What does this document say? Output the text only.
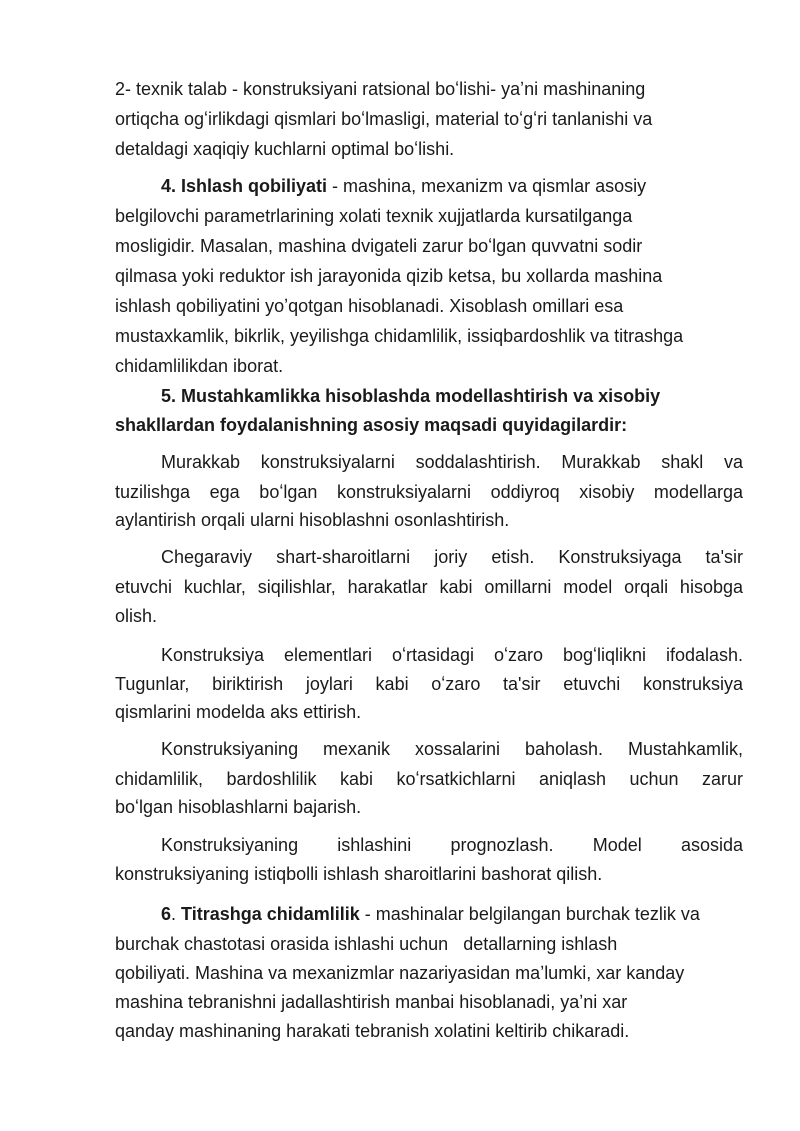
2- texnik talab - konstruksiyani ratsional boʻlishi- yaʼni mashinaning
ortiqcha ogʻirlikdagi qismlari boʻlmasligi, material toʻgʻri tanlanishi va
detaldagi xaqiqiy kuchlarni optimal boʻlishi.
4. Ishlash qobiliyati - mashina, mexanizm va qismlar asosiy
belgilovchi parametrlarining xolati texnik xujjatlarda kursatilganga
mosligidir. Masalan, mashina dvigateli zarur boʻlgan quvvatni sodir
qilmasa yoki reduktor ish jarayonida qizib ketsa, bu xollarda mashina
ishlash qobiliyatini yoʼqotgan hisoblanadi. Xisoblash omillari esa
mustaxkamlik, bikrlik, yeyilishga chidamlilik, issiqbardoshlik va titrashga
chidamlilikdan iborat.
5. Mustahkamlikka hisoblashda modellashtirish va xisobiy
shakllardan foydalanishning asosiy maqsadi quyidagilardir:
Murakkab konstruksiyalarni soddalashtirish. Murakkab shakl va
tuzilishga ega boʻlgan konstruksiyalarni oddiyroq xisobiy modellarga
aylantirish orqali ularni hisoblashni osonlashtirish.
Chegaraviy shart-sharoitlarni joriy etish. Konstruksiyaga ta'sir
etuvchi kuchlar, siqilishlar, harakatlar kabi omillarni model orqali hisobga
olish.
Konstruksiya elementlari oʻrtasidagi oʻzaro bogʻliqlikni ifodalash.
Tugunlar, biriktirish joylari kabi oʻzaro ta'sir etuvchi konstruksiya
qismlarini modelda aks ettirish.
Konstruksiyaning mexanik xossalarini baholash. Mustahkamlik,
chidamlilik, bardoshlilik kabi koʻrsatkichlarni aniqlash uchun zarur
boʻlgan hisoblashlarni bajarish.
Konstruksiyaning ishlashini prognozlash. Model asosida
konstruksiyaning istiqbolli ishlash sharoitlarini bashorat qilish.
6. Titrashga chidamlilik - mashinalar belgilangan burchak tezlik va
burchak chastotasi orasida ishlashi uchun   detallarning ishlash
qobiliyati. Mashina va mexanizmlar nazariyasidan maʼlumki, xar kanday
mashina tebranishni jadallashtirish manbai hisoblanadi, yaʼni xar
qanday mashinaning harakati tebranish xolatini keltirib chikaradi.
